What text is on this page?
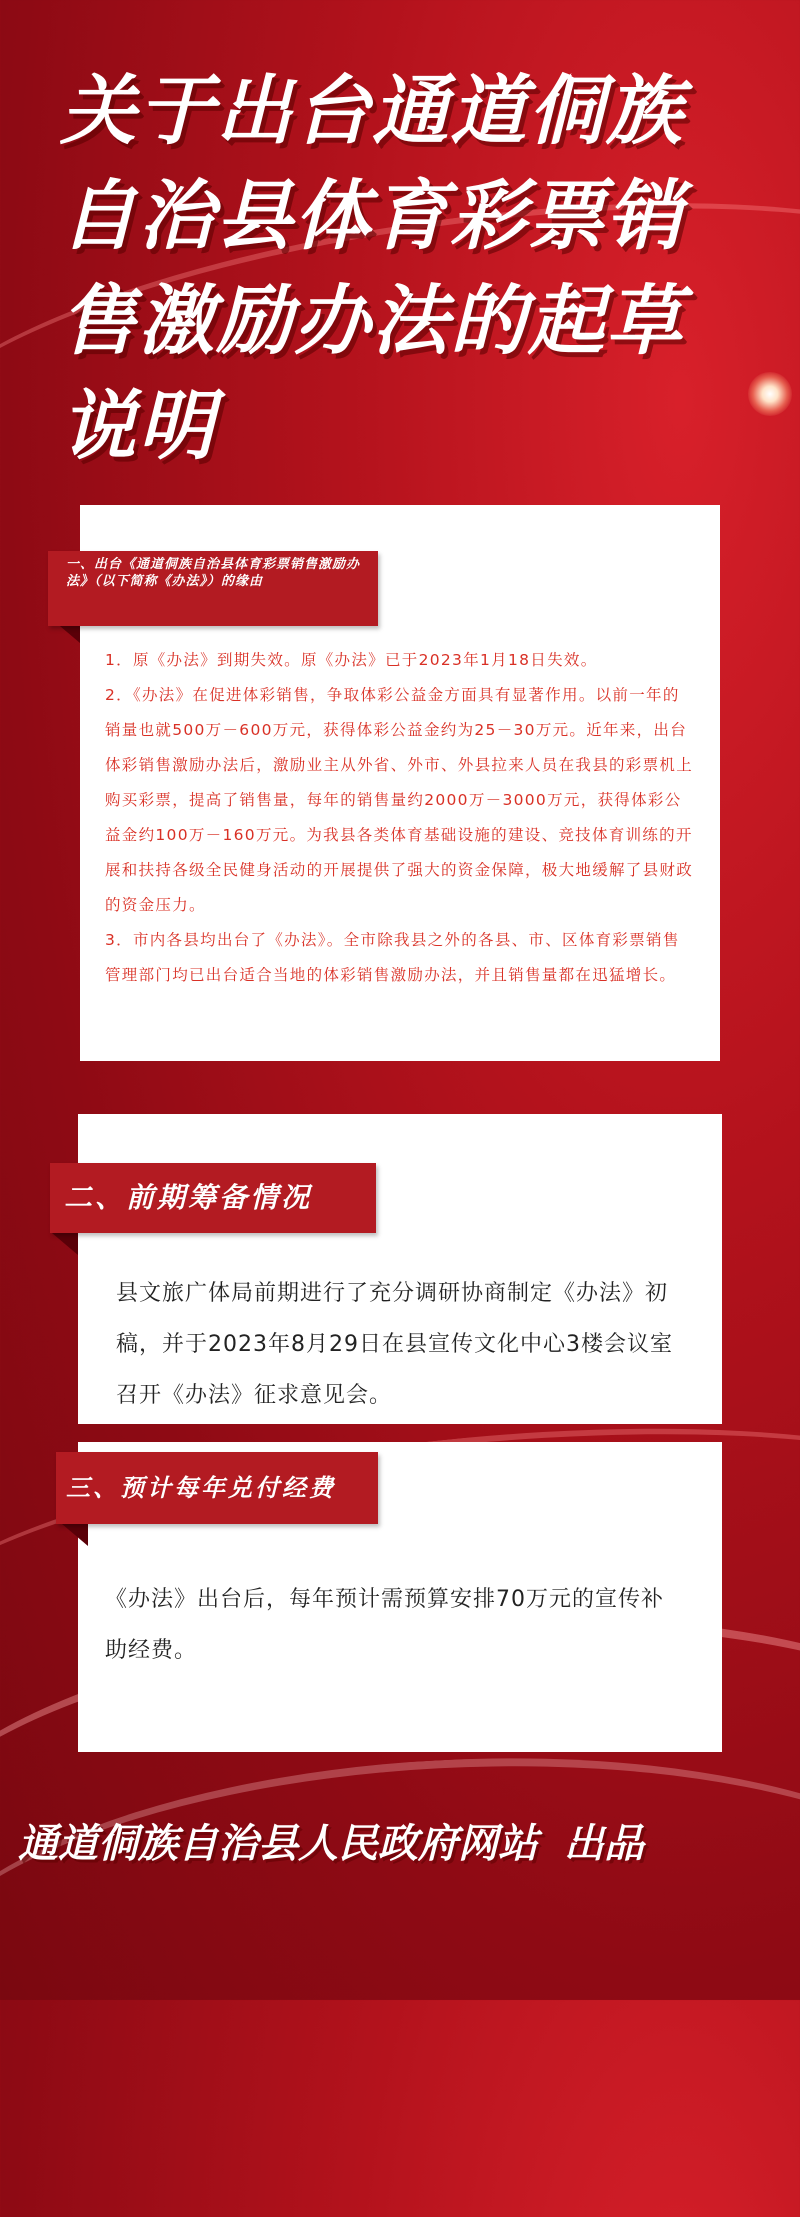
关于出台通道侗族自治县体育彩票销售激励办法的起草说明
一、出台《通道侗族自治县体育彩票销售激励办法》（以下简称《办法》）的缘由

1．原《办法》到期失效。原《办法》已于2023年1月18日失效。

2．《办法》在促进体彩销售，争取体彩公益金方面具有显著作用。以前一年的销量也就500万－600万元，获得体彩公益金约为25－30万元。近年来，出台体彩销售激励办法后，激励业主从外省、外市、外县拉来人员在我县的彩票机上购买彩票，提高了销售量，每年的销售量约2000万－3000万元，获得体彩公益金约100万－160万元。为我县各类体育基础设施的建设、竞技体育训练的开展和扶持各级全民健身活动的开展提供了强大的资金保障，极大地缓解了县财政的资金压力。

3．市内各县均出台了《办法》。全市除我县之外的各县、市、区体育彩票销售管理部门均已出台适合当地的体彩销售激励办法，并且销售量都在迅猛增长。

二、前期筹备情况

县文旅广体局前期进行了充分调研协商制定《办法》初稿，并于2023年8月29日在县宣传文化中心3楼会议室召开《办法》征求意见会。

三、预计每年兑付经费

《办法》出台后，每年预计需预算安排70万元的宣传补助经费。

通道侗族自治县人民政府网站 出品
